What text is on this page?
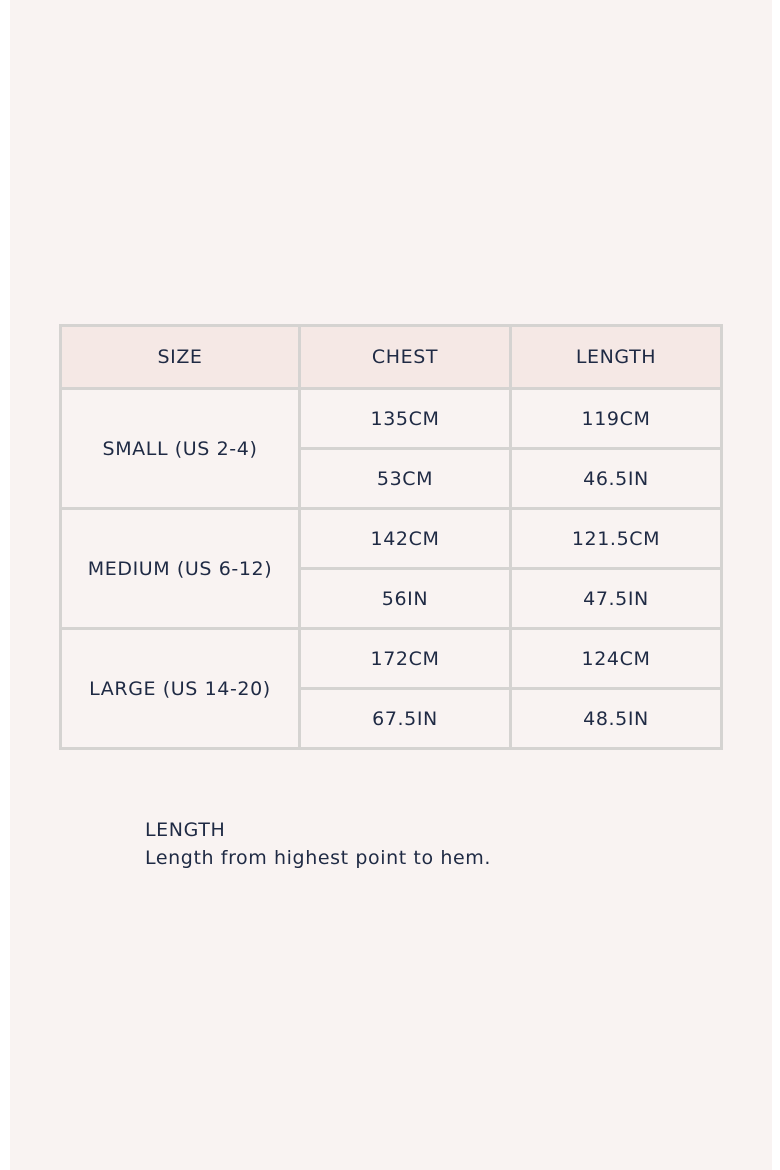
SIZE	CHEST	LENGTH
SMALL (US 2-4)	135CM	119CM
	53CM	46.5IN
MEDIUM (US 6-12)	142CM	121.5CM
	56IN	47.5IN
LARGE (US 14-20)	172CM	124CM
	67.5IN	48.5IN
LENGTH
Length from highest point to hem.
